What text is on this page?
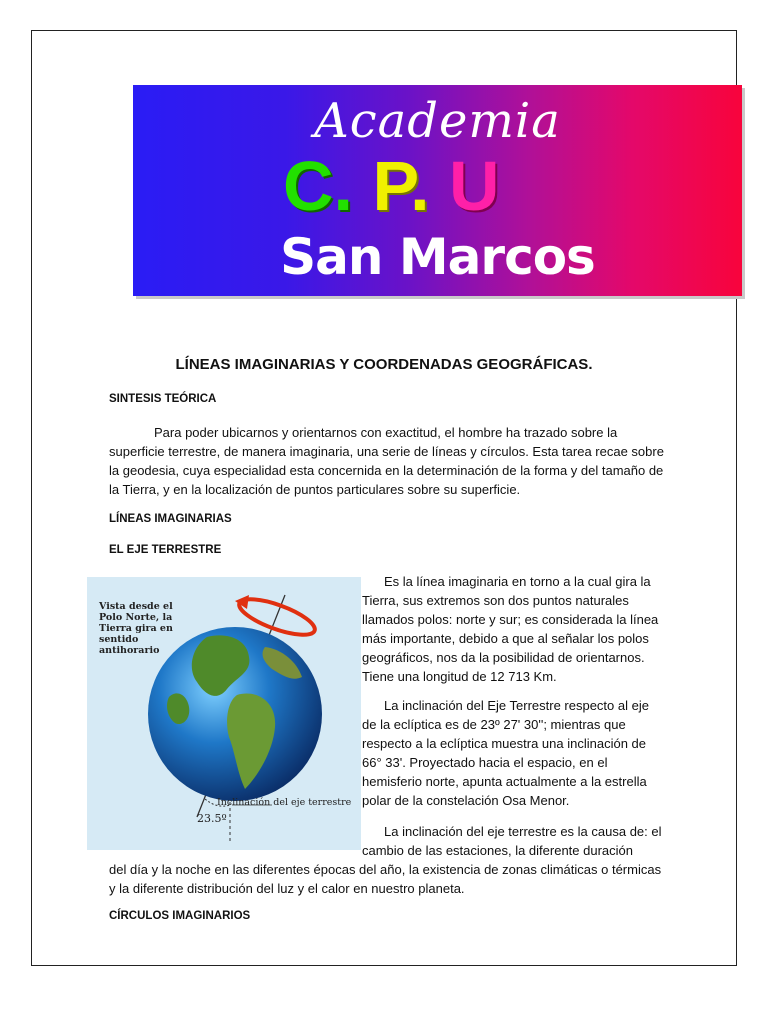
Academia
C. P. U
San Marcos
LÍNEAS IMAGINARIAS Y COORDENADAS GEOGRÁFICAS.
SINTESIS TEÓRICA

Para poder ubicarnos y orientarnos con exactitud, el hombre ha trazado sobre la superficie terrestre, de manera imaginaria, una serie de líneas y círculos. Esta tarea recae sobre la geodesia, cuya especialidad esta concernida en la determinación de la forma y del tamaño de la Tierra, y en la localización de puntos particulares sobre su superficie.

LÍNEAS IMAGINARIAS
EL EJE TERRESTRE
Vista desde el Polo Norte, la Tierra gira en sentido antihorario
Inclinación del eje terrestre
23.5º

Es la línea imaginaria en torno a la cual gira la Tierra, sus extremos son dos puntos naturales llamados polos: norte y sur; es considerada la línea más importante, debido a que al señalar los polos geográficos, nos da la posibilidad de orientarnos. Tiene una longitud de 12 713 Km.

La inclinación del Eje Terrestre respecto al eje de la eclíptica es de 23º 27' 30''; mientras que respecto a la eclíptica muestra una inclinación de 66° 33'. Proyectado hacia el espacio, en el hemisferio norte, apunta actualmente a la estrella polar de la constelación Osa Menor.

La inclinación del eje terrestre es la causa de: el cambio de las estaciones, la diferente duración

del día y la noche en las diferentes épocas del año, la existencia de zonas climáticas o térmicas y la diferente distribución del luz y el calor en nuestro planeta.

CÍRCULOS IMAGINARIOS
